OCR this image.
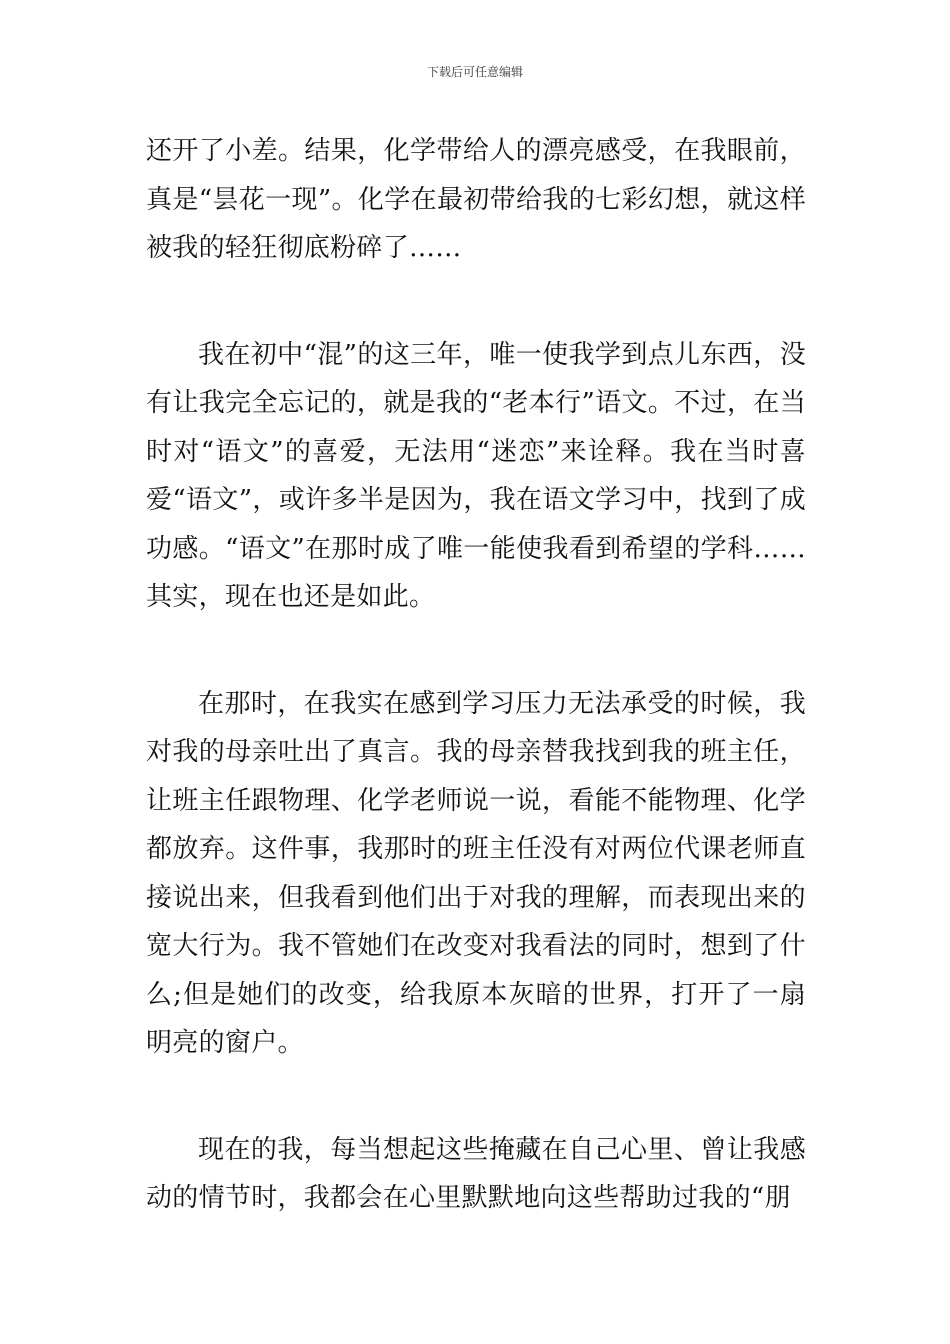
下载后可任意编辑

还开了小差。结果，化学带给人的漂亮感受，在我眼前，真是“昙花一现”。化学在最初带给我的七彩幻想，就这样被我的轻狂彻底粉碎了……

我在初中“混”的这三年，唯一使我学到点儿东西，没有让我完全忘记的，就是我的“老本行”语文。不过，在当时对“语文”的喜爱，无法用“迷恋”来诠释。我在当时喜爱“语文”，或许多半是因为，我在语文学习中，找到了成功感。“语文”在那时成了唯一能使我看到希望的学科……其实，现在也还是如此。

在那时，在我实在感到学习压力无法承受的时候，我对我的母亲吐出了真言。我的母亲替我找到我的班主任，让班主任跟物理、化学老师说一说，看能不能物理、化学都放弃。这件事，我那时的班主任没有对两位代课老师直接说出来，但我看到他们出于对我的理解，而表现出来的宽大行为。我不管她们在改变对我看法的同时，想到了什么;但是她们的改变，给我原本灰暗的世界，打开了一扇明亮的窗户。

现在的我，每当想起这些掩藏在自己心里、曾让我感动的情节时，我都会在心里默默地向这些帮助过我的“朋
